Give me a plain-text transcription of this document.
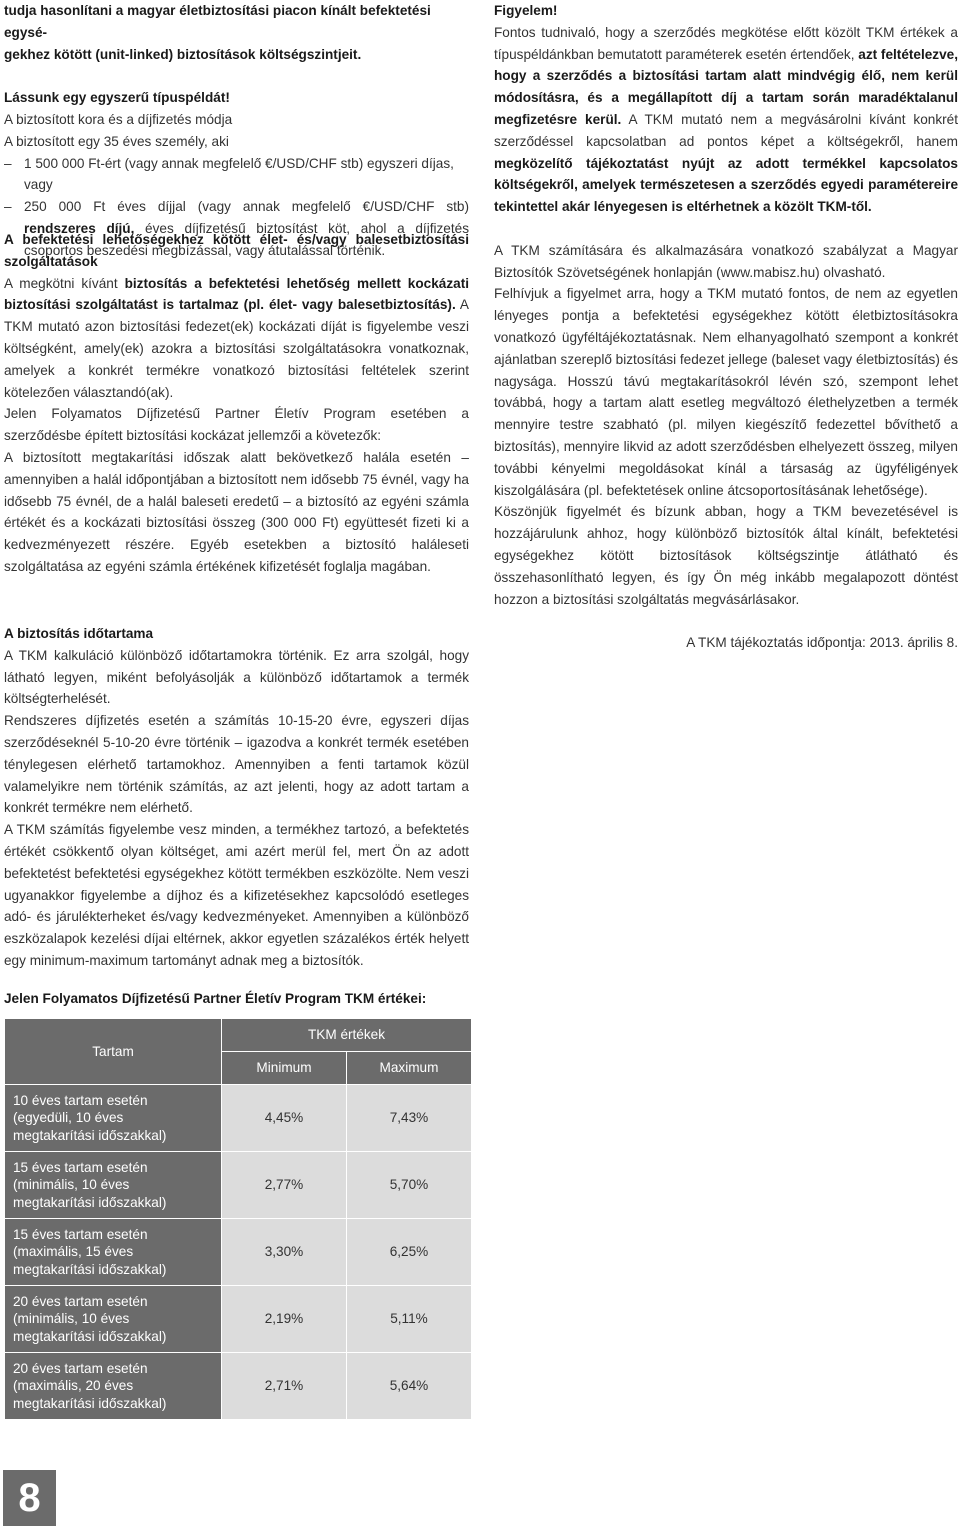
tudja hasonlítani a magyar életbiztosítási piacon kínált befektetési egysé-

gekhez kötött (unit-linked) biztosítások költségszintjeit.

Lássunk egy egyszerű típuspéldát!

A biztosított kora és a díjfizetés módja

A biztosított egy 35 éves személy, aki

– 1 500 000 Ft-ért (vagy annak megfelelő €/USD/CHF stb) egyszeri díjas,

vagy

– 250 000 Ft éves díjjal (vagy annak megfelelő €/USD/CHF stb) rendszeres díjú, éves díjfizetésű biztosítást köt, ahol a díjfizetés csoportos beszedési megbízással, vagy átutalással történik.

A befektetési lehetőségekhez kötött élet- és/vagy balesetbiztosítási szolgáltatások

A megkötni kívánt biztosítás a befektetési lehetőség mellett kockázati biztosítási szolgáltatást is tartalmaz (pl. élet- vagy balesetbiztosítás). A TKM mutató azon biztosítási fedezet(ek) kockázati díját is figyelembe veszi költségként, amely(ek) azokra a biztosítási szolgáltatásokra vonatkoznak, amelyek a konkrét termékre vonatkozó biztosítási feltételek szerint kötelezően választandó(ak).

Jelen Folyamatos Díjfizetésű Partner Életív Program esetében a szerződésbe épített biztosítási kockázat jellemzői a követezők:

A biztosított megtakarítási időszak alatt bekövetkező halála esetén – amennyiben a halál időpontjában a biztosított nem idősebb 75 évnél, vagy ha idősebb 75 évnél, de a halál baleseti eredetű – a biztosító az egyéni számla értékét és a kockázati biztosítási összeg (300 000 Ft) együttesét fizeti ki a kedvezményezett részére. Egyéb esetekben a biztosító haláleseti szolgáltatása az egyéni számla értékének kifizetését foglalja magában.

A biztosítás időtartama

A TKM kalkuláció különböző időtartamokra történik. Ez arra szolgál, hogy látható legyen, miként befolyásolják a különböző időtartamok a termék költségterhelését.

Rendszeres díjfizetés esetén a számítás 10-15-20 évre, egyszeri díjas szerződéseknél 5-10-20 évre történik – igazodva a konkrét termék esetében ténylegesen elérhető tartamokhoz. Amennyiben a fenti tartamok közül valamelyikre nem történik számítás, az azt jelenti, hogy az adott tartam a konkrét termékre nem elérhető.

A TKM számítás figyelembe vesz minden, a termékhez tartozó, a befektetés értékét csökkentő olyan költséget, ami azért merül fel, mert Ön az adott befektetést befektetési egységekhez kötött termékben eszközölte. Nem veszi ugyanakkor figyelembe a díjhoz és a kifizetésekhez kapcsolódó esetleges adó- és járulékterheket és/vagy kedvezményeket. Amennyiben a különböző eszközalapok kezelési díjai eltérnek, akkor egyetlen százalékos érték helyett egy minimum-maximum tartományt adnak meg a biztosítók.

Jelen Folyamatos Díjfizetésű Partner Életív Program TKM értékei:

Figyelem!

Fontos tudnivaló, hogy a szerződés megkötése előtt közölt TKM értékek a típuspéldánkban bemutatott paraméterek esetén értendőek, azt feltételezve, hogy a szerződés a biztosítási tartam alatt mindvégig élő, nem kerül módosításra, és a megállapított díj a tartam során maradéktalanul megfizetésre kerül. A TKM mutató nem a megvásárolni kívánt konkrét szerződéssel kapcsolatban ad pontos képet a költségekről, hanem megközelítő tájékoztatást nyújt az adott termékkel kapcsolatos költségekről, amelyek természetesen a szerződés egyedi paramétereire tekintettel akár lényegesen is eltérhetnek a közölt TKM-től.

A TKM számítására és alkalmazására vonatkozó szabályzat a Magyar Biztosítók Szövetségének honlapján (www.mabisz.hu) olvasható.

Felhívjuk a figyelmet arra, hogy a TKM mutató fontos, de nem az egyetlen lényeges pontja a befektetési egységekhez kötött életbiztosításokra vonatkozó ügyféltájékoztatásnak. Nem elhanyagolható szempont a konkrét ajánlatban szereplő biztosítási fedezet jellege (baleset vagy életbiztosítás) és nagysága. Hosszú távú megtakarításokról lévén szó, szempont lehet továbbá, hogy a tartam alatt esetleg megváltozó élethelyzetben a termék mennyire testre szabható (pl. milyen kiegészítő fedezettel bővíthető a biztosítás), mennyire likvid az adott szerződésben elhelyezett összeg, milyen további kényelmi megoldásokat kínál a társaság az ügyféligények kiszolgálására (pl. befektetések online átcsoportosításának lehetősége).

Köszönjük figyelmét és bízunk abban, hogy a TKM bevezetésével is hozzájárulunk ahhoz, hogy különböző biztosítók által kínált, befektetési egységekhez kötött biztosítások költségszintje átlátható és összehasonlítható legyen, és így Ön még inkább megalapozott döntést hozzon a biztosítási szolgáltatás megvásárlásakor.

A TKM tájékoztatás időpontja: 2013. április 8.

Tartam	TKM értékek	
	Minimum	Maximum

10 éves tartam esetén
(egyedüli, 10 éves
megtakarítási időszakkal)	4,45%	7,43%

15 éves tartam esetén
(minimális, 10 éves
megtakarítási időszakkal)	2,77%	5,70%

15 éves tartam esetén
(maximális, 15 éves
megtakarítási időszakkal)	3,30%	6,25%

20 éves tartam esetén
(minimális, 10 éves
megtakarítási időszakkal)	2,19%	5,11%

20 éves tartam esetén
(maximális, 20 éves
megtakarítási időszakkal)	2,71%	5,64%
8
